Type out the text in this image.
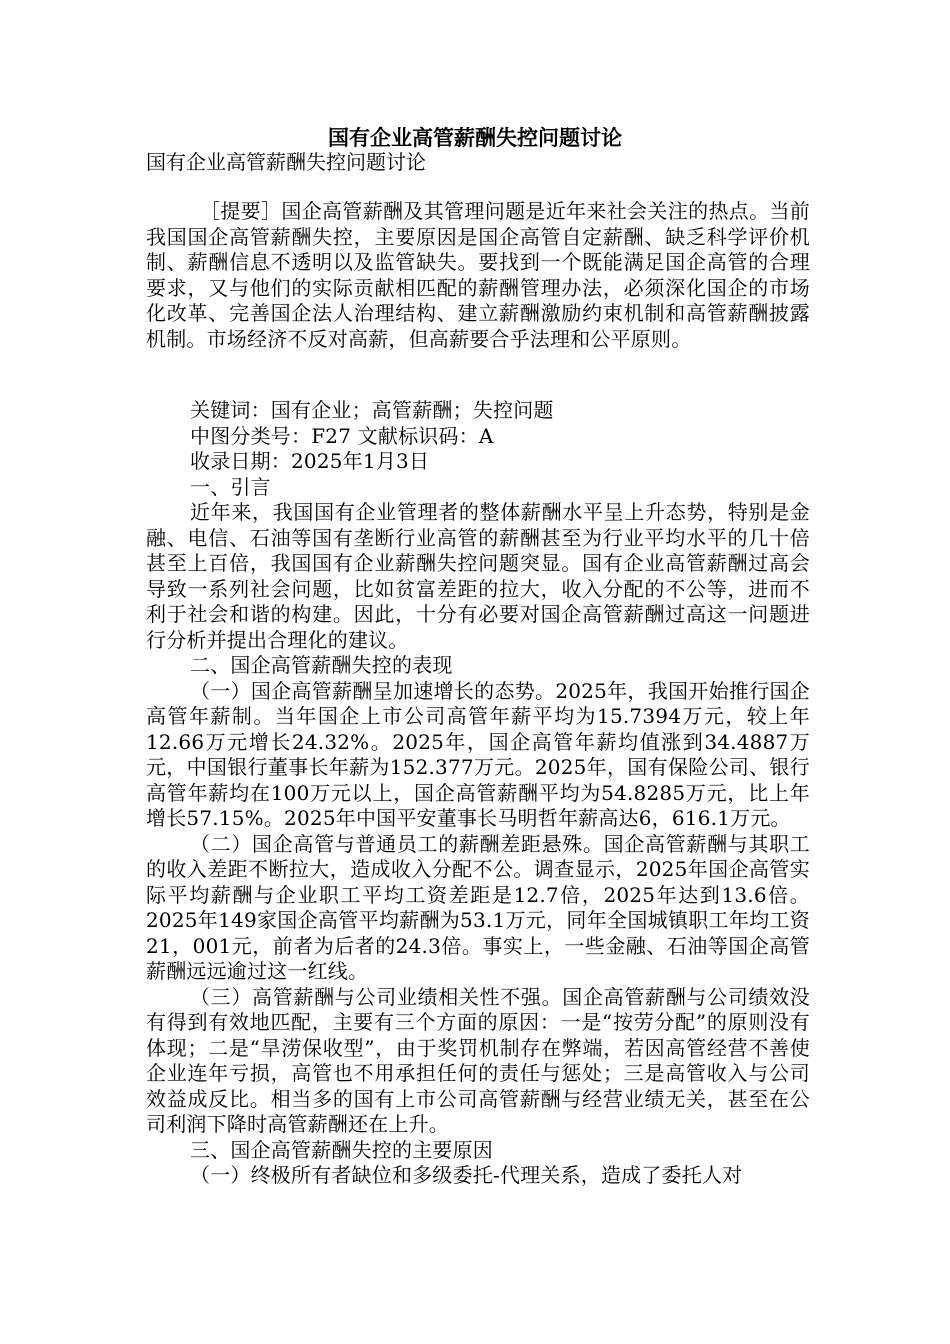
国有企业高管薪酬失控问题讨论
国有企业高管薪酬失控问题讨论

［提要］国企高管薪酬及其管理问题是近年来社会关注的热点。当前我国国企高管薪酬失控，主要原因是国企高管自定薪酬、缺乏科学评价机制、薪酬信息不透明以及监管缺失。要找到一个既能满足国企高管的合理要求，又与他们的实际贡献相匹配的薪酬管理办法，必须深化国企的市场化改革、完善国企法人治理结构、建立薪酬激励约束机制和高管薪酬披露机制。市场经济不反对高薪，但高薪要合乎法理和公平原则。

关键词：国有企业；高管薪酬；失控问题

中图分类号：F27 文献标识码：A

收录日期：2025年1月3日

一、引言

近年来，我国国有企业管理者的整体薪酬水平呈上升态势，特别是金融、电信、石油等国有垄断行业高管的薪酬甚至为行业平均水平的几十倍甚至上百倍，我国国有企业薪酬失控问题突显。国有企业高管薪酬过高会导致一系列社会问题，比如贫富差距的拉大，收入分配的不公等，进而不利于社会和谐的构建。因此，十分有必要对国企高管薪酬过高这一问题进行分析并提出合理化的建议。

二、国企高管薪酬失控的表现

（一）国企高管薪酬呈加速增长的态势。2025年，我国开始推行国企高管年薪制。当年国企上市公司高管年薪平均为15.7394万元，较上年12.66万元增长24.32%。2025年，国企高管年薪均值涨到34.4887万元，中国银行董事长年薪为152.377万元。2025年，国有保险公司、银行高管年薪均在100万元以上，国企高管薪酬平均为54.8285万元，比上年增长57.15%。2025年中国平安董事长马明哲年薪高达6，616.1万元。

（二）国企高管与普通员工的薪酬差距悬殊。国企高管薪酬与其职工的收入差距不断拉大，造成收入分配不公。调查显示，2025年国企高管实际平均薪酬与企业职工平均工资差距是12.7倍，2025年达到13.6倍。2025年149家国企高管平均薪酬为53.1万元，同年全国城镇职工年均工资21，001元，前者为后者的24.3倍。事实上，一些金融、石油等国企高管薪酬远远逾过这一红线。

（三）高管薪酬与公司业绩相关性不强。国企高管薪酬与公司绩效没有得到有效地匹配，主要有三个方面的原因：一是“按劳分配”的原则没有体现；二是“旱涝保收型”，由于奖罚机制存在弊端，若因高管经营不善使企业连年亏损，高管也不用承担任何的责任与惩处；三是高管收入与公司效益成反比。相当多的国有上市公司高管薪酬与经营业绩无关，甚至在公司利润下降时高管薪酬还在上升。

三、国企高管薪酬失控的主要原因

（一）终极所有者缺位和多级委托-代理关系，造成了委托人对
